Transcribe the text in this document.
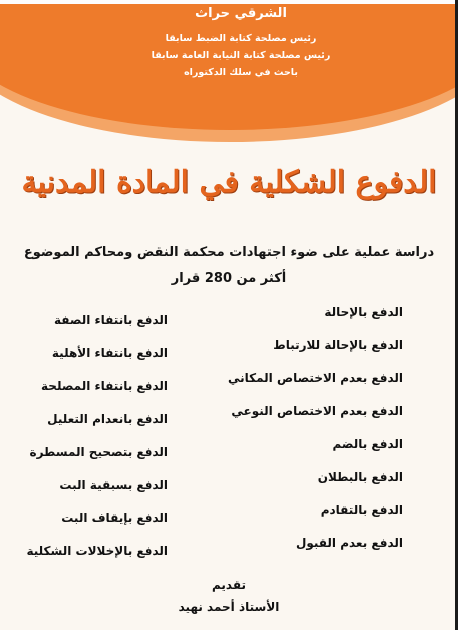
الشرقي حراث
رئيس مصلحة كتابة الضبط سابقا
رئيس مصلحة كتابة النيابة العامة سابقا
باحث في سلك الدكتوراه
الدفوع الشكلية في المادة المدنية
دراسة عملية على ضوء اجتهادات محكمة النقض ومحاكم الموضوع
أكثر من 280 قرار
الدفع بالإحالة
الدفع بالإحالة للارتباط
الدفع بعدم الاختصاص المكاني
الدفع بعدم الاختصاص النوعي
الدفع بالضم
الدفع بالبطلان
الدفع بالتقادم
الدفع بعدم القبول
الدفع بانتفاء الصفة
الدفع بانتفاء الأهلية
الدفع بانتفاء المصلحة
الدفع بانعدام التعليل
الدفع بتصحيح المسطرة
الدفع بسبقية البت
الدفع بإيقاف البت
الدفع بالإخلالات الشكلية
تقديم
الأستاذ أحمد نهيد
